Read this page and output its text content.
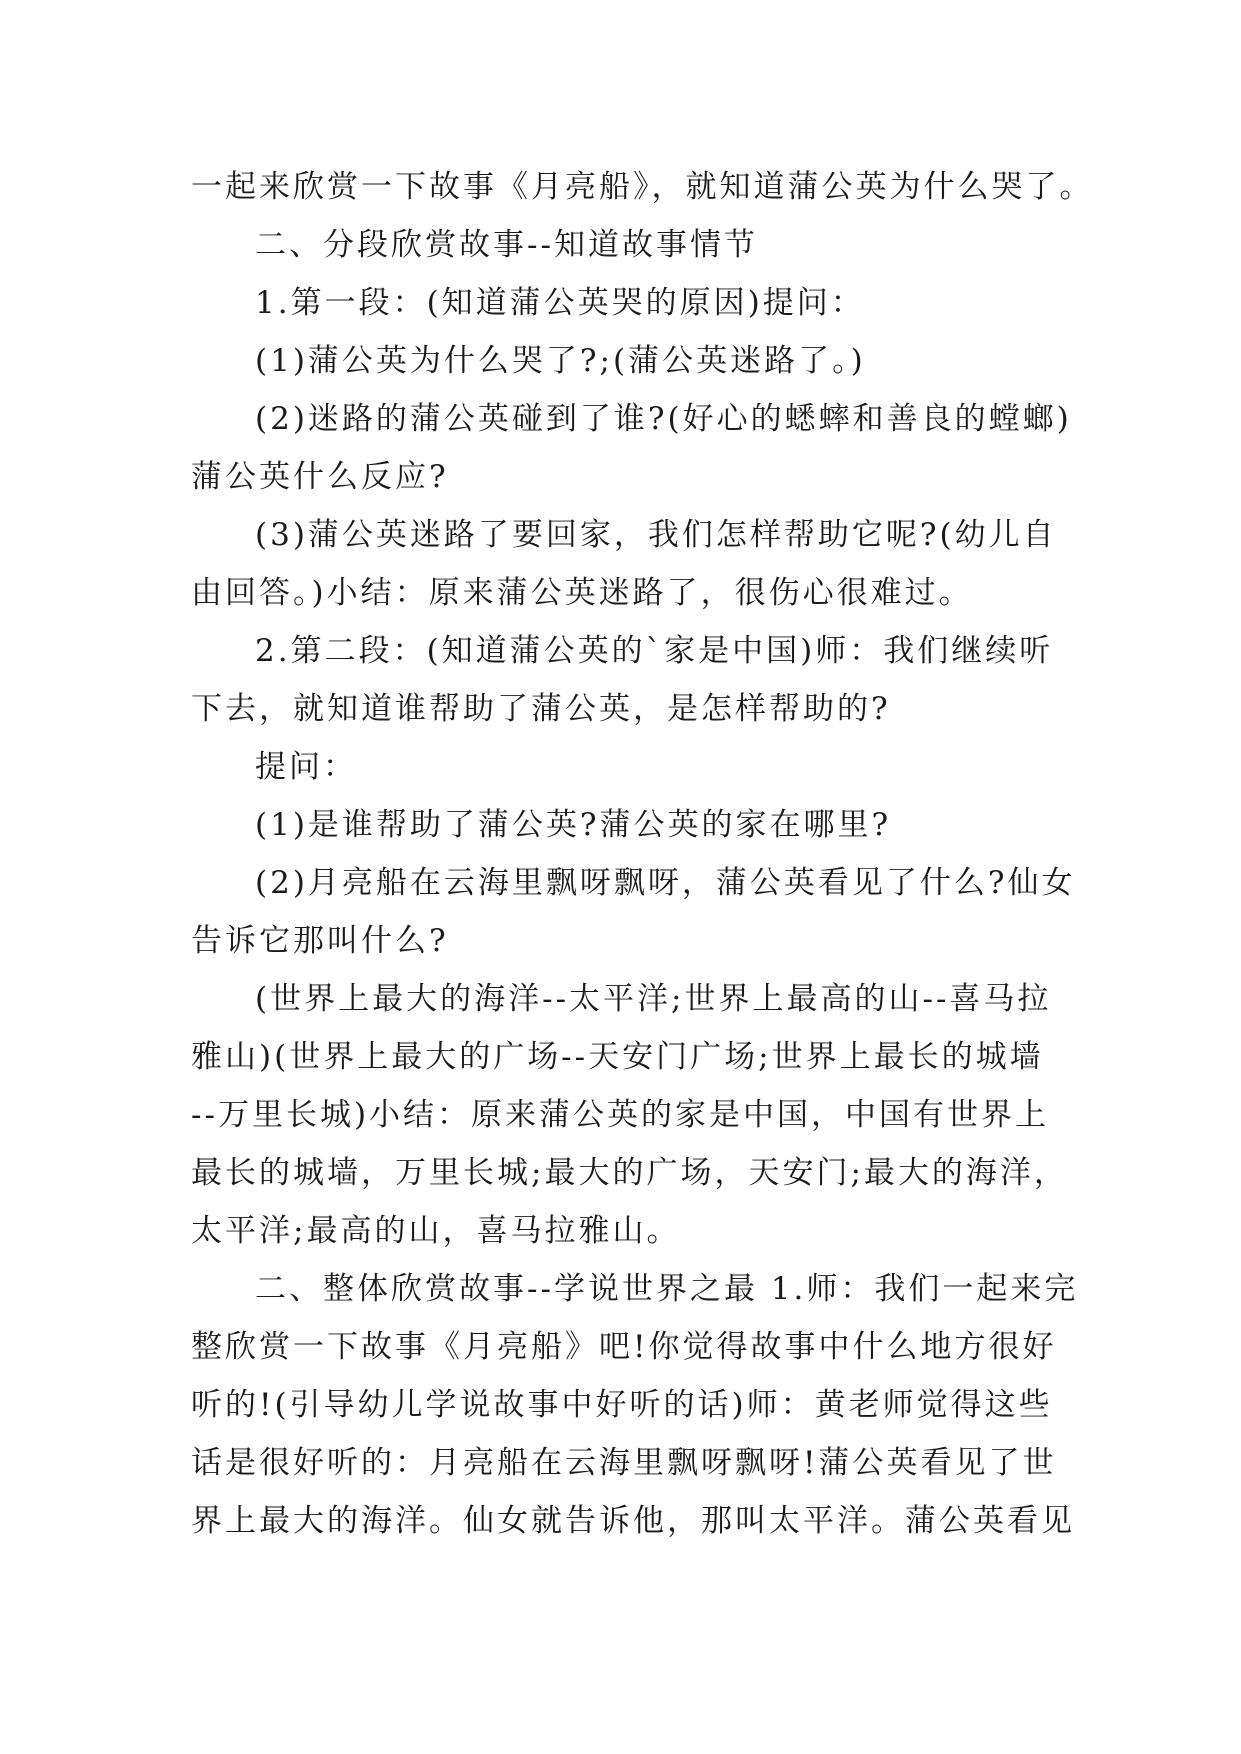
一起来欣赏一下故事《月亮船》，就知道蒲公英为什么哭了。
二、分段欣赏故事--知道故事情节
1.第一段：(知道蒲公英哭的原因)提问：
(1)蒲公英为什么哭了?;(蒲公英迷路了。)
(2)迷路的蒲公英碰到了谁?(好心的蟋蟀和善良的螳螂)
蒲公英什么反应?
(3)蒲公英迷路了要回家，我们怎样帮助它呢?(幼儿自
由回答。)小结：原来蒲公英迷路了，很伤心很难过。
2.第二段：(知道蒲公英的`家是中国)师：我们继续听
下去，就知道谁帮助了蒲公英，是怎样帮助的?
提问：
(1)是谁帮助了蒲公英?蒲公英的家在哪里?
(2)月亮船在云海里飘呀飘呀，蒲公英看见了什么?仙女
告诉它那叫什么?
(世界上最大的海洋--太平洋;世界上最高的山--喜马拉
雅山)(世界上最大的广场--天安门广场;世界上最长的城墙
--万里长城)小结：原来蒲公英的家是中国，中国有世界上
最长的城墙，万里长城;最大的广场，天安门;最大的海洋，
太平洋;最高的山，喜马拉雅山。
二、整体欣赏故事--学说世界之最 1.师：我们一起来完
整欣赏一下故事《月亮船》吧!你觉得故事中什么地方很好
听的!(引导幼儿学说故事中好听的话)师：黄老师觉得这些
话是很好听的：月亮船在云海里飘呀飘呀!蒲公英看见了世
界上最大的海洋。仙女就告诉他，那叫太平洋。蒲公英看见
